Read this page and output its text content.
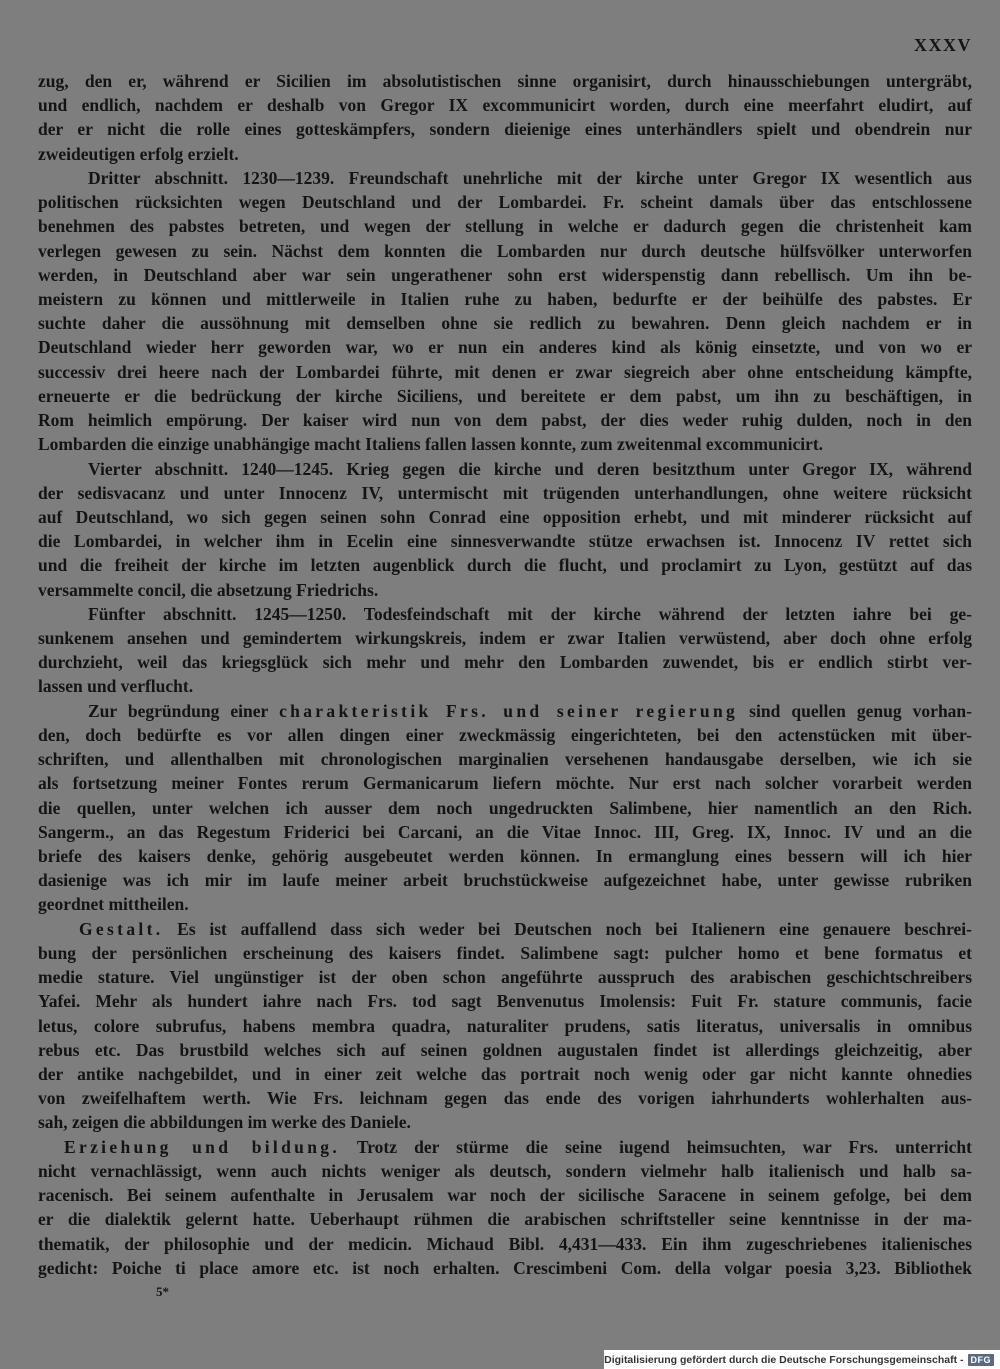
XXXV
zug, den er, während er Sicilien im absolutistischen sinne organisirt, durch hinausschiebungen untergräbt,
und endlich, nachdem er deshalb von Gregor IX excommunicirt worden, durch eine meerfahrt eludirt, auf
der er nicht die rolle eines gotteskämpfers, sondern dieienige eines unterhändlers spielt und obendrein nur
zweideutigen erfolg erzielt.
Dritter abschnitt. 1230—1239. Freundschaft unehrliche mit der kirche unter Gregor IX wesentlich aus
politischen rücksichten wegen Deutschland und der Lombardei. Fr. scheint damals über das entschlossene
benehmen des pabstes betreten, und wegen der stellung in welche er dadurch gegen die christenheit kam
verlegen gewesen zu sein. Nächst dem konnten die Lombarden nur durch deutsche hülfsvölker unterworfen
werden, in Deutschland aber war sein ungerathener sohn erst widerspenstig dann rebellisch. Um ihn be-
meistern zu können und mittlerweile in Italien ruhe zu haben, bedurfte er der beihülfe des pabstes. Er
suchte daher die aussöhnung mit demselben ohne sie redlich zu bewahren. Denn gleich nachdem er in
Deutschland wieder herr geworden war, wo er nun ein anderes kind als könig einsetzte, und von wo er
successiv drei heere nach der Lombardei führte, mit denen er zwar siegreich aber ohne entscheidung kämpfte,
erneuerte er die bedrückung der kirche Siciliens, und bereitete er dem pabst, um ihn zu beschäftigen, in
Rom heimlich empörung. Der kaiser wird nun von dem pabst, der dies weder ruhig dulden, noch in den
Lombarden die einzige unabhängige macht Italiens fallen lassen konnte, zum zweitenmal excommunicirt.
Vierter abschnitt. 1240—1245. Krieg gegen die kirche und deren besitzthum unter Gregor IX, während
der sedisvacanz und unter Innocenz IV, untermischt mit trügenden unterhandlungen, ohne weitere rücksicht
auf Deutschland, wo sich gegen seinen sohn Conrad eine opposition erhebt, und mit minderer rücksicht auf
die Lombardei, in welcher ihm in Ecelin eine sinnesverwandte stütze erwachsen ist. Innocenz IV rettet sich
und die freiheit der kirche im letzten augenblick durch die flucht, und proclamirt zu Lyon, gestützt auf das
versammelte concil, die absetzung Friedrichs.
Fünfter abschnitt. 1245—1250. Todesfeindschaft mit der kirche während der letzten iahre bei ge-
sunkenem ansehen und gemindertem wirkungskreis, indem er zwar Italien verwüstend, aber doch ohne erfolg
durchzieht, weil das kriegsglück sich mehr und mehr den Lombarden zuwendet, bis er endlich stirbt ver-
lassen und verflucht.
Zur begründung einer charakteristik Frs. und seiner regierung sind quellen genug vorhan-
den, doch bedürfte es vor allen dingen einer zweckmässig eingerichteten, bei den actenstücken mit über-
schriften, und allenthalben mit chronologischen marginalien versehenen handausgabe derselben, wie ich sie
als fortsetzung meiner Fontes rerum Germanicarum liefern möchte. Nur erst nach solcher vorarbeit werden
die quellen, unter welchen ich ausser dem noch ungedruckten Salimbene, hier namentlich an den Rich.
Sangerm., an das Regestum Friderici bei Carcani, an die Vitae Innoc. III, Greg. IX, Innoc. IV und an die
briefe des kaisers denke, gehörig ausgebeutet werden können. In ermanglung eines bessern will ich hier
dasienige was ich mir im laufe meiner arbeit bruchstückweise aufgezeichnet habe, unter gewisse rubriken
geordnet mittheilen.
Gestalt. Es ist auffallend dass sich weder bei Deutschen noch bei Italienern eine genauere beschrei-
bung der persönlichen erscheinung des kaisers findet. Salimbene sagt: pulcher homo et bene formatus et
medie stature. Viel ungünstiger ist der oben schon angeführte ausspruch des arabischen geschichtschreibers
Yafei. Mehr als hundert iahre nach Frs. tod sagt Benvenutus Imolensis: Fuit Fr. stature communis, facie
letus, colore subrufus, habens membra quadra, naturaliter prudens, satis literatus, universalis in omnibus
rebus etc. Das brustbild welches sich auf seinen goldnen augustalen findet ist allerdings gleichzeitig, aber
der antike nachgebildet, und in einer zeit welche das portrait noch wenig oder gar nicht kannte ohnedies
von zweifelhaftem werth. Wie Frs. leichnam gegen das ende des vorigen iahrhunderts wohlerhalten aus-
sah, zeigen die abbildungen im werke des Daniele.
Erziehung und bildung. Trotz der stürme die seine iugend heimsuchten, war Frs. unterricht
nicht vernachlässigt, wenn auch nichts weniger als deutsch, sondern vielmehr halb italienisch und halb sa-
racenisch. Bei seinem aufenthalte in Jerusalem war noch der sicilische Saracene in seinem gefolge, bei dem
er die dialektik gelernt hatte. Ueberhaupt rühmen die arabischen schriftsteller seine kenntnisse in der ma-
thematik, der philosophie und der medicin. Michaud Bibl. 4,431—433. Ein ihm zugeschriebenes italienisches
gedicht: Poiche ti place amore etc. ist noch erhalten. Crescimbeni Com. della volgar poesia 3,23. Bibliothek
5*
Digitalisierung gefördert durch die Deutsche Forschungsgemeinschaft - DFG
